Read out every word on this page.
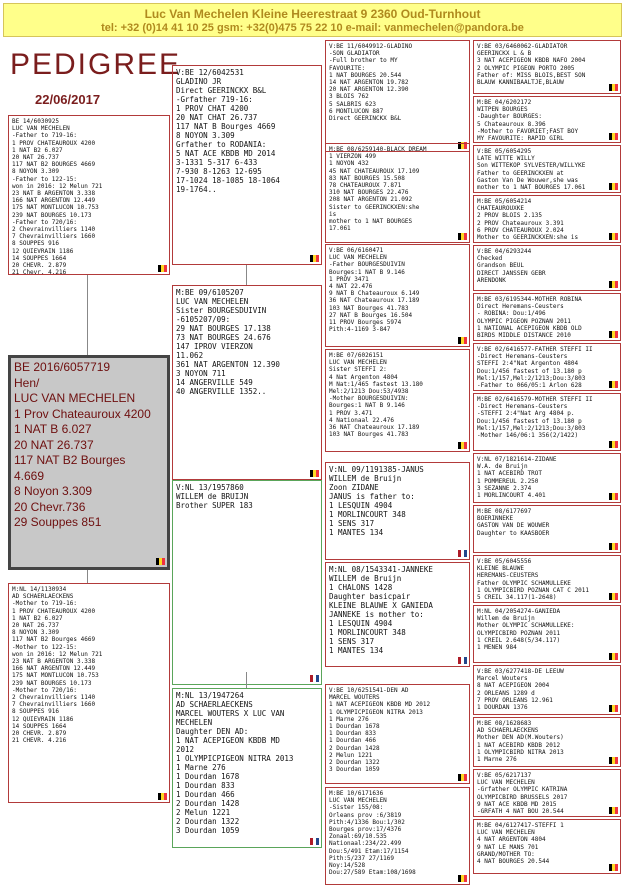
Luc Van Mechelen Kleine Heerestraat 9 2360 Oud-Turnhout
tel: +32 (0)14 41 10 25 gsm: +32(0)475 75 22 10 e-mail: vanmechelen@pandora.be
PEDIGREE
22/06/2017
BE 2016/6057719
Hen/
LUC VAN MECHELEN
1 Prov Chateauroux 4200
1 NAT B 6.027
20 NAT 26.737
117 NAT B2 Bourges
4.669
8 Noyon 3.309
20 Chevr.736
29 Souppes 851
BE 14/6030925
LUC VAN MECHELEN
-Father to 719-16:
1 PROV CHATEAUROUX 4200
1 NAT B2 6.027
20 NAT 26.737
117 NAT B2 BOURGES 4669
8 NOYON 3.309
-Father to 122-15:
won in 2016: 12 Melun 721
23 NAT B ARGENTON 3.338
166 NAT ARGENTON 12.449
175 NAT MONTLUCON 10.753
239 NAT BOURGES 10.173
-Father to 720/16:
2 Chevrainvilliers 1140
7 Chevrainvilliers 1660
8 SOUPPES 916
12 QUIEVRAIN 1186
14 SOUPPES 1664
20 CHEVR. 2.879
21 Chevr. 4.216
M:NL 14/1130934
AD SCHAERLAECKENS
-Mother to 719-16:
1 PROV CHATEAUROUX 4200
1 NAT B2 6.027
20 NAT 26.737
8 NOYON 3.309
117 NAT B2 Bourges 4669
-Mother to 122-15:
won in 2016: 12 Melun 721
23 NAT B ARGENTON 3.338
166 NAT ARGENTON 12.449
175 NAT MONTLUCON 10.753
239 NAT BOURGES 10.173
-Mother to 720/16:
2 Chevrainvilliers 1140
7 Chevrainvilliers 1660
8 SOUPPES 916
12 QUIEVRAIN 1186
14 SOUPPES 1664
20 CHEVR. 2.879
21 CHEVR. 4.216
V:BE 12/6042531
GLADINO JR
Direct GEERINCKX B&L
-Grfather 719-16:
1 PROV CHAT 4200
20 NAT CHAT 26.737
117 NAT B Bourges 4669
8 NOYON 3.309
Grfather to RODANIA:
5 NAT ACE KBDB MD 2014
3-1331 5-317 6-433
7-930 8-1263 12-695
17-1024 18-1085 18-1064
19-1764..
M:BE 09/6105207
LUC VAN MECHELEN
Sister BOURGESDUIVIN
-6105207/09:
29 NAT BOURGES 17.138
73 NAT BOURGES 24.676
147 IPROV VIERZON
11.062
361 NAT ARGENTON 12.390
3 NOYON 711
14 ANGERVILLE 549
40 ANGERVILLE 1352..
V:NL 13/1957860
WILLEM de BRUIJN
Brother SUPER 183
M:NL 13/1947264
AD SCHAERLAECKENS
MARCEL WOUTERS X LUC VAN
MECHELEN
Daughter DEN AD:
1 NAT ACEPIGEON KBDB MD
2012
1 OLYMPICPIGEON NITRA 2013
1 Marne 276
1 Dourdan 1678
1 Dourdan 833
1 Dourdan 466
2 Dourdan 1428
2 Melun 1221
2 Dourdan 1322
3 Dourdan 1059
V:BE 11/6049912-GLADINO
-SON GLADIATOR
-Full brother to MY
FAVOURITE:
1 NAT BOURGES 20.544
14 NAT ARGENTON 19.782
20 NAT ARGENTON 12.390
3 BLOIS 762
5 SALBRIS 623
6 MONTLUCON 887
Direct GEERINCKX B&L
M:BE 08/6259140-BLACK DREAM
1 VIERZON 499
1 NOYON 432
45 NAT CHATEAUROUX 17.109
83 NAT BOURGES 15.508
78 CHATEAUROUX 7.871
310 NAT BOURGES 22.476
208 NAT ARGENTON 21.092
Sister to GEERINCKXEN:she
is
mother to 1 NAT BOURGES
17.061
V:BE 06/6160471
LUC VAN MECHELEN
-Father BOURGESDUIVIN
Bourges:1 NAT B 9.146
1 PROV 3471
4 NAT 22.476
9 NAT B Chateauroux 6.149
36 NAT Chateauroux 17.189
103 NAT Bourges 41.783
27 NAT B Bourges 16.504
11 PROV Bourges 5974
Pith:4-1169 3-847
M:BE 07/6026151
LUC VAN MECHELEN
Sister STEFFI 2:
4 Nat Argenton 4804
M Nat:1/465 fastest 13.180
Mel:2/1213 Dou:53/4938
-Mother BOURGESDUIVIN:
Bourges:1 NAT B 9.146
1 PROV 3.471
4 Nationaal 22.476
36 NAT Chateauroux 17.189
103 NAT Bourges 41.783
V:NL 09/1191385-JANUS
WILLEM de Bruijn
Zoon ZIDANE
JANUS is father to:
1 LESQUIN 4904
1 MORLINCOURT 348
1 SENS 317
1 MANTES 134
M:NL 08/1543341-JANNEKE
WILLEM de Bruijn
1 CHALONS 1428
Daughter basicpair
KLEINE BLAUWE X GANIEDA
JANNEKE is mother to:
1 LESQUIN 4904
1 MORLINCOURT 348
1 SENS 317
1 MANTES 134
V:BE 10/6251541-DEN AD
MARCEL WOUTERS
1 NAT ACEPIGEON KBDB MD 2012
1 OLYMPICPIGEON NITRA 2013
1 Marne 276
1 Dourdan 1678
1 Dourdan 833
1 Dourdan 466
2 Dourdan 1428
2 Melun 1221
2 Dourdan 1322
3 Dourdan 1059
M:BE 10/6171636
LUC VAN MECHELEN
-Sister 155/08:
Orleans prov :6/3819
Pith:4/1336 Bou:1/302
Bourges prov:17/4376
Zonaal:69/10.535
Nationaal:234/22.499
Dou:5/491 Etam:17/1154
Pith:5/237 27/1169
Noy:14/528
Dou:27/589 Etam:108/1698
V:BE 03/6460062-GLADIATOR
GEERINCKX L & B
3 NAT ACEPIGEON KBDB NAFO 2004
2 OLYMPIC PIGEON PORTO 2005
Father of: MISS BLOIS,BEST SON
BLAUW KANNIBAALTJE,BLAUW
M:BE 04/6202172
WITPEN BOURGES
-Daughter BOURGES:
5 Chateauroux 8.396
-Mother to FAVORIET;FAST BOY
MY FAVOURITE: RAPID GIRL
V:BE 05/6054295
LATE WITTE WILLY
Son WITTEKOP SYLVESTER/WILLYKE
Father to GEERINCKXEN at
Gaston Van De Wouwer,she was
mother to 1 NAT BOURGES 17.061
M:BE 05/6054214
CHATEAUROUXKE
2 PROV BLOIS 2.135
2 PROV Chateauroux 3.391
6 PROV CHATEAUROUX 2.024
Mother to GEERINCKXEN:she is
V:BE 04/6293244
Checked
Grandson BEUL
DIRECT JANSSEN GEBR
ARENDONK
M:BE 03/6195344-MOTHER ROBINA
Direct Heremans-Ceusters
- ROBINA: Dou:1/496
OLYMPIC PIGEON POZNAN 2011
1 NATIONAL ACEPIGEON KBDB OLD
BIRDS MIDDLE DISTANCE 2010
V:BE 02/6416577-FATHER STEFFI II
-Direct Heremans-Ceusters
STEFFI 2:4"Nat Argenton 4804
Dou:1/456 fastest of 13.180 p
Mel:1/157,Mel:2/1213;Dou:3/803
-Father to 066/05:1 Arlon 628
M:BE 02/6416579-MOTHER STEFFI II
-Direct Heremans-Ceusters
-STEFFI 2:4"Nat Arg 4804 p.
Dou:1/456 fastest of 13.180 p
Mel:1/157,Mel:2/1213;Dou:3/803
-Mother 146/06:1 356(2/1422)
V:NL 07/1821614-ZIDANE
W.A. de Bruijn
1 NAT ACEBIRD TROT
1 POMMEREUL 2.250
3 SEZANNE 2.374
1 MORLINCOURT 4.401
M:BE 08/6177697
BOERINNEKE
GASTON VAN DE WOUWER
Daughter to KAASBOER
V:BE 05/6045556
KLEINE BLAUWE
HEREMANS-CEUSTERS
Father OLYMPIC SCHAMULLEKE
1 OLYMPICBIRD POZNAN CAT C 2011
5 CREIL 34.117(1-2648)
M:NL 04/2054274-GANIEDA
Willem de Bruijn
Mother OLYMPIC SCHAMULLEKE:
OLYMPICBIRD POZNAN 2011
1 CREIL 2.648(5/34.117)
1 MENEN 984
V:BE 03/6277418-DE LEEUW
Marcel Wouters
8 NAT ACEPIGEON 2004
2 ORLEANS 1289 d
7 PROV ORLEANS 12.961
1 DOURDAN 1376
M:BE 08/1628683
AD SCHAERLAECKENS
Mother DEN AD(M.Wouters)
1 NAT ACEBIRD KBDB 2012
1 OLYMPICBIRD NITRA 2013
1 Marne 276
V:BE 05/6217137
LUC VAN MECHELEN
-Grfather OLYMPIC KATRINA
OLYMPICBIRD BRUSSELS 2017
9 NAT ACE KBDB MD 2015
-GRFATH 4 NAT BOU 20.544
M:BE 04/6127417-STEFFI 1
LUC VAN MECHELEN
4 NAT ARGENTON 4804
9 NAT LE MANS 701
GRAND/MOTHER TO:
4 NAT BOURGES 20.544
